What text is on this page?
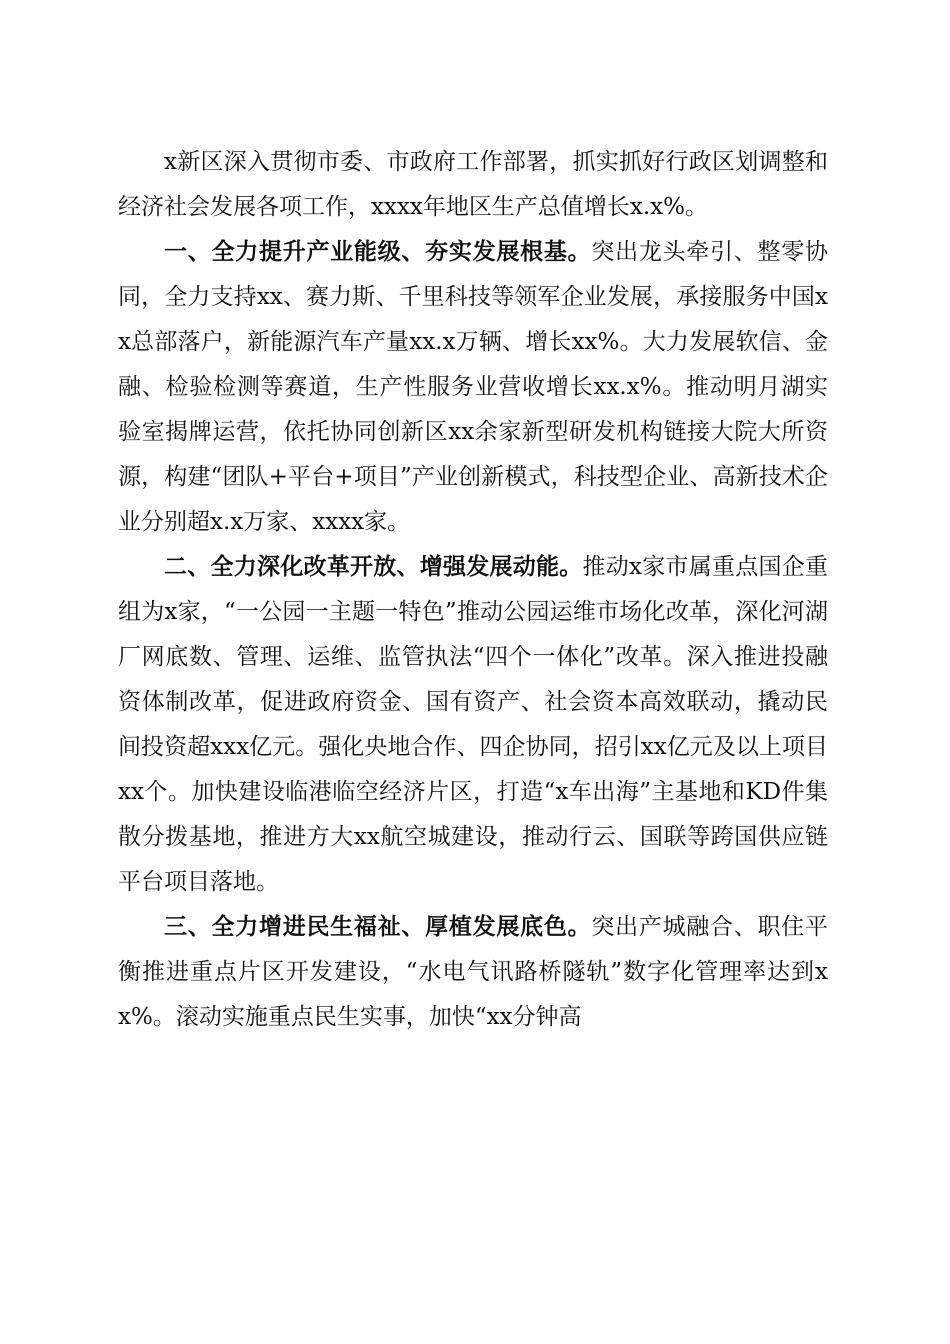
x新区深入贯彻市委、市政府工作部署，抓实抓好行政区划调整和经济社会发展各项工作，xxxx年地区生产总值增长x.x%。

一、全力提升产业能级、夯实发展根基。突出龙头牵引、整零协同，全力支持xx、赛力斯、千里科技等领军企业发展，承接服务中国xx总部落户，新能源汽车产量xx.x万辆、增长xx%。大力发展软信、金融、检验检测等赛道，生产性服务业营收增长xx.x%。推动明月湖实验室揭牌运营，依托协同创新区xx余家新型研发机构链接大院大所资源，构建“团队+平台+项目”产业创新模式，科技型企业、高新技术企业分别超x.x万家、xxxx家。

二、全力深化改革开放、增强发展动能。推动x家市属重点国企重组为x家，“一公园一主题一特色”推动公园运维市场化改革，深化河湖厂网底数、管理、运维、监管执法“四个一体化”改革。深入推进投融资体制改革，促进政府资金、国有资产、社会资本高效联动，撬动民间投资超xxx亿元。强化央地合作、四企协同，招引xx亿元及以上项目xx个。加快建设临港临空经济片区，打造“x车出海”主基地和KD件集散分拨基地，推进方大xx航空城建设，推动行云、国联等跨国供应链平台项目落地。

三、全力增进民生福祉、厚植发展底色。突出产城融合、职住平衡推进重点片区开发建设，“水电气讯路桥隧轨”数字化管理率达到xx%。滚动实施重点民生实事，加快“xx分钟高
